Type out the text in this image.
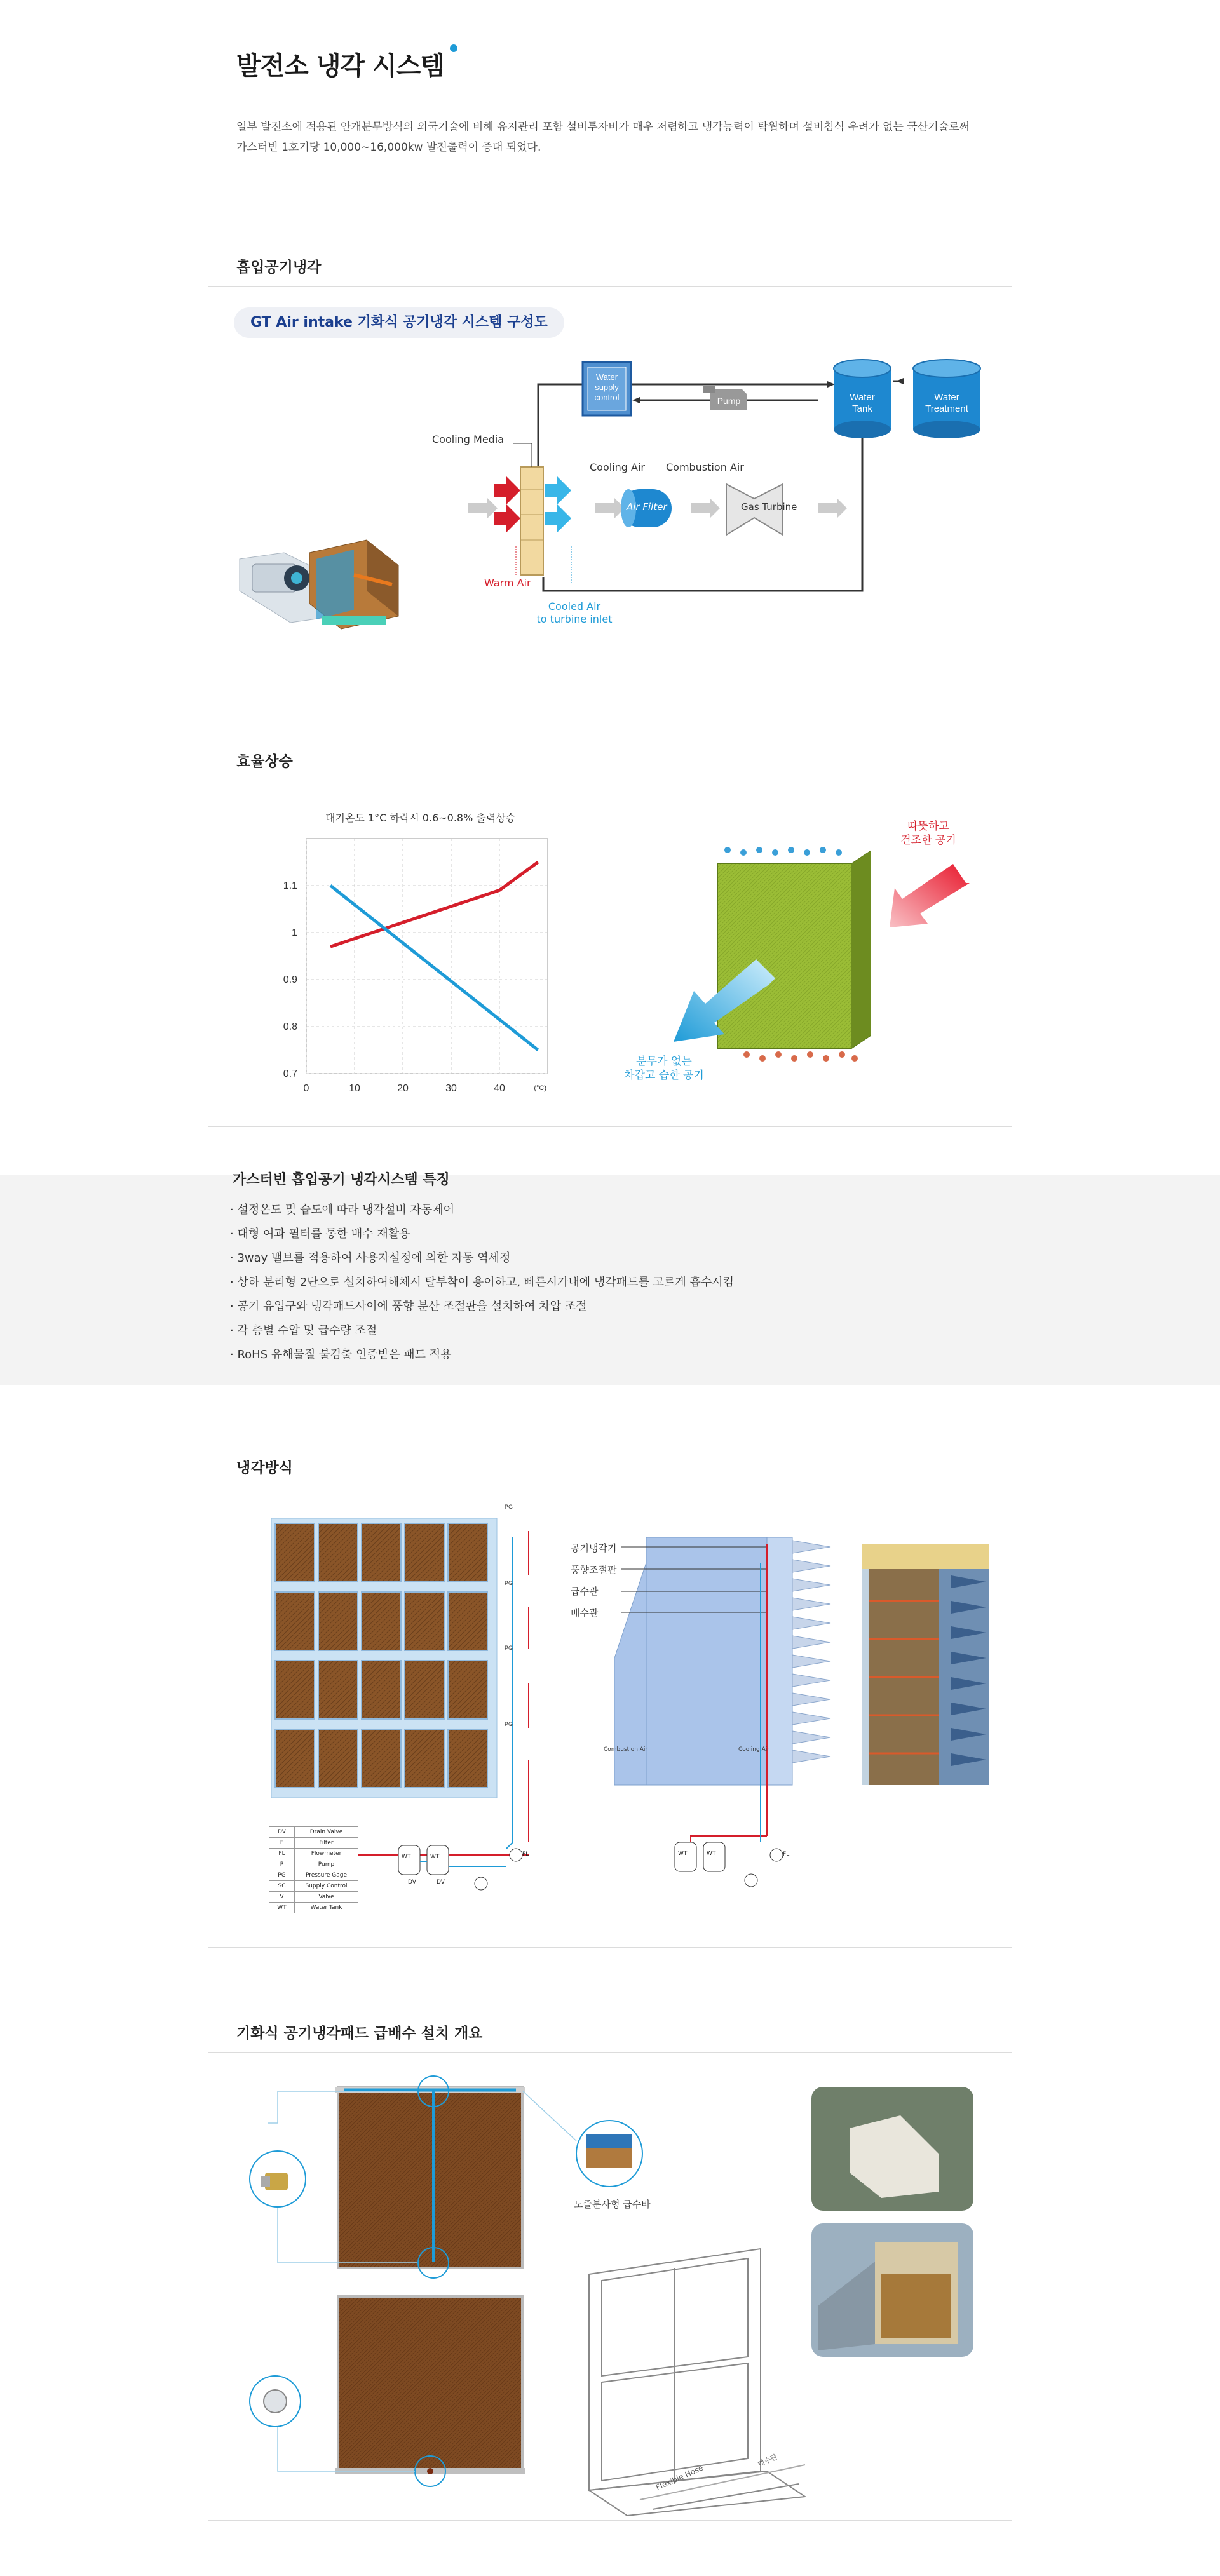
발전소 냉각 시스템
일부 발전소에 적용된 안개분무방식의 외국기술에 비해 유지관리 포함 설비투자비가 매우 저렴하고 냉각능력이 탁월하며 설비침식 우려가 없는 국산기술로써
가스터빈 1호기당 10,000~16,000kw 발전출력이 증대 되었다.
흡입공기냉각
GT Air intake 기화식 공기냉각 시스템 구성도
Water
supply
control	Pump	Water
Tank
Water
Treatment
Cooling Media
Cooling Air Combustion Air
Air Filter	Gas Turbine
Warm Air
Cooled Air
to turbine inlet
효율상승
대기온도 1°C 하락시 0.6~0.8% 출력상승
0	10	20	30	40
0.7
0.8
0.9
1
1.1
(°C)
따뜻하고
건조한 공기
분무가 없는
차갑고 습한 공기
가스터빈 흡입공기 냉각시스템 특징
· 설정온도 및 습도에 따라 냉각설비 자동제어
· 대형 여과 필터를 통한 배수 재활용
· 3way 밸브를 적용하여 사용자설정에 의한 자동 역세정
· 상하 분리형 2단으로 설치하여해체시 탈부착이 용이하고, 빠른시가내에 냉각패드를 고르게 흡수시킴
· 공기 유입구와 냉각패드사이에 풍향 분산 조절판을 설치하여 차압 조절
· 각 층별 수압 및 급수량 조절
· RoHS 유해물질 불검출 인증받은 패드 적용
냉각방식
PG
PG
PG
PG
DV	Drain Valve
F	Filter
FL	Flowmeter
P	Pump
PG	Pressure Gage
SC	Supply Control
V	Valve
WT	Water Tank
공기냉각기
풍향조절판
급수관
배수관
Combustion Air	Cooling Air
WT	WT	WT	WT
DV	DV
FL	FL
기화식 공기냉각패드 급배수 설치 개요
노즐분사형 급수바
Flexible Hose
배수관
